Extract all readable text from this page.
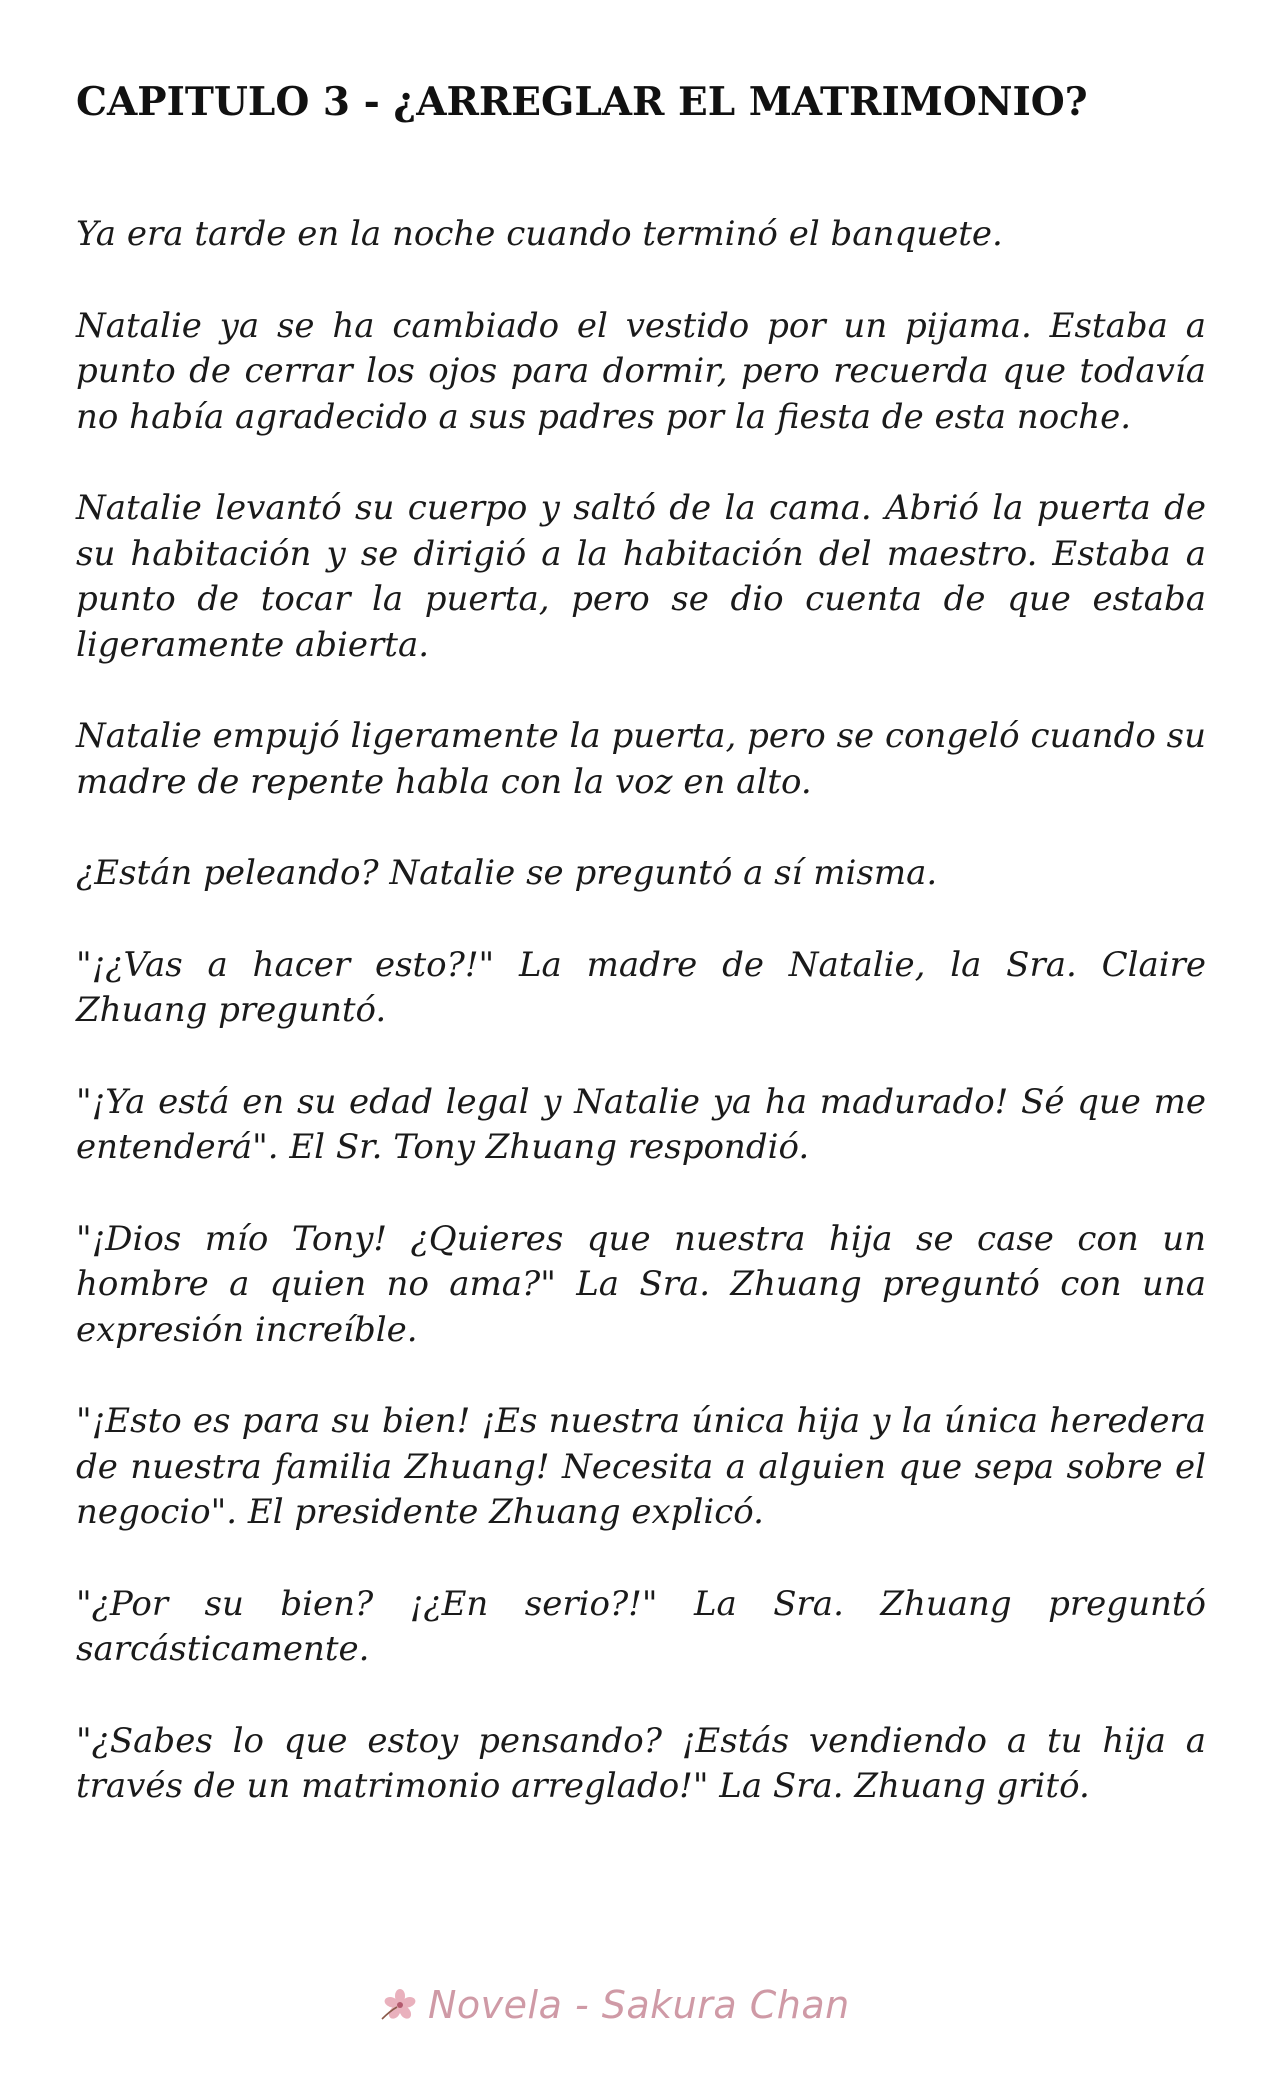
CAPITULO 3 - ¿ARREGLAR EL MATRIMONIO?

Ya era tarde en la noche cuando terminó el banquete.

Natalie ya se ha cambiado el vestido por un pijama. Estaba a punto de cerrar los ojos para dormir, pero recuerda que todavía no había agradecido a sus padres por la fiesta de esta noche.

Natalie levantó su cuerpo y saltó de la cama. Abrió la puerta de su habitación y se dirigió a la habitación del maestro. Estaba a punto de tocar la puerta, pero se dio cuenta de que estaba ligeramente abierta.

Natalie empujó ligeramente la puerta, pero se congeló cuando su madre de repente habla con la voz en alto.

¿Están peleando? Natalie se preguntó a sí misma.

"¡¿Vas a hacer esto?!" La madre de Natalie, la Sra. Claire Zhuang preguntó.

"¡Ya está en su edad legal y Natalie ya ha madurado! Sé que me entenderá". El Sr. Tony Zhuang respondió.

"¡Dios mío Tony! ¿Quieres que nuestra hija se case con un hombre a quien no ama?" La Sra. Zhuang preguntó con una expresión increíble.

"¡Esto es para su bien! ¡Es nuestra única hija y la única heredera de nuestra familia Zhuang! Necesita a alguien que sepa sobre el negocio". El presidente Zhuang explicó.

"¿Por su bien? ¡¿En serio?!" La Sra. Zhuang preguntó sarcásticamente.

"¿Sabes lo que estoy pensando? ¡Estás vendiendo a tu hija a través de un matrimonio arreglado!" La Sra. Zhuang gritó.

Novela - Sakura Chan
